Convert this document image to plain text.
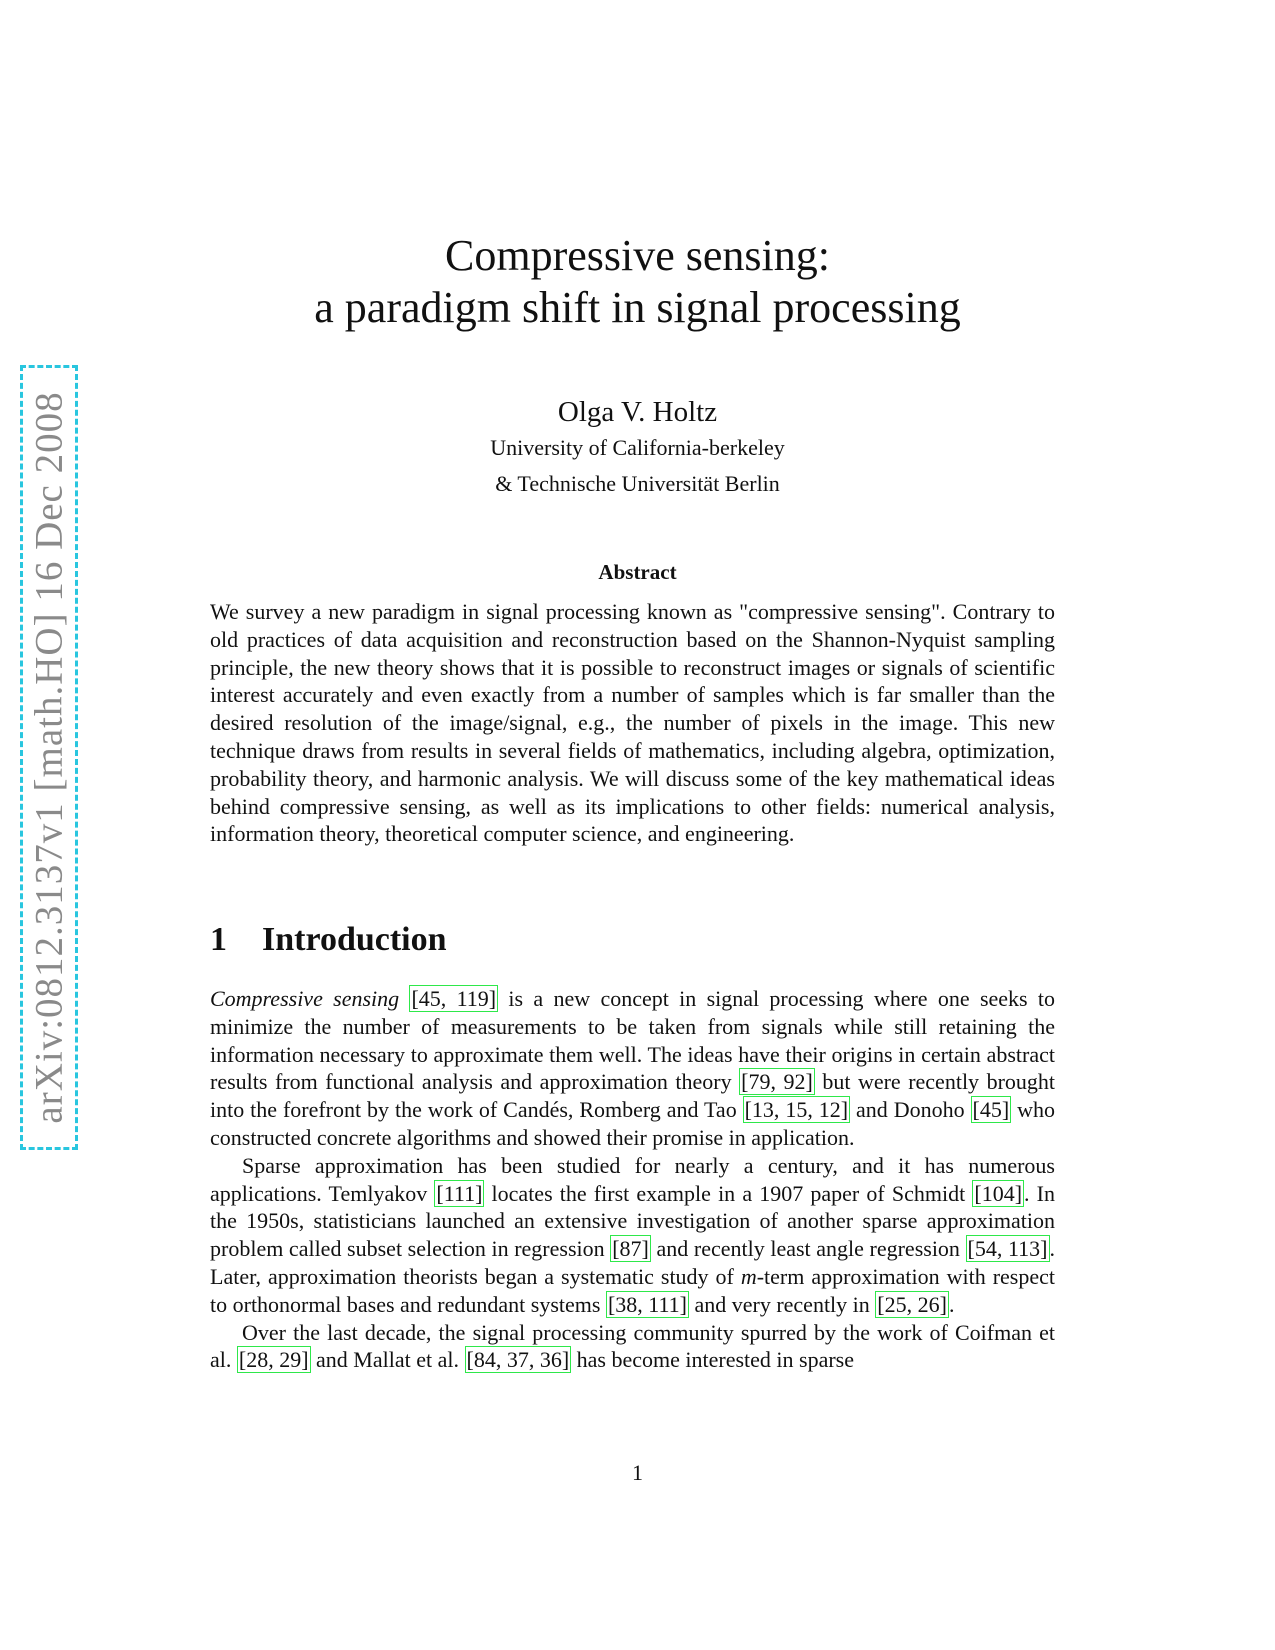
arXiv:0812.3137v1 [math.HO] 16 Dec 2008
Compressive sensing:
a paradigm shift in signal processing
Olga V. Holtz
University of California-berkeley
& Technische Universität Berlin
Abstract
We survey a new paradigm in signal processing known as "compressive sensing". Contrary to old practices of data acquisition and reconstruction based on the Shannon-Nyquist sampling principle, the new theory shows that it is possible to reconstruct images or signals of scientific interest accurately and even exactly from a number of samples which is far smaller than the desired resolution of the image/signal, e.g., the number of pixels in the image. This new technique draws from results in several fields of mathematics, including algebra, optimization, probability theory, and harmonic analysis. We will discuss some of the key mathematical ideas behind compressive sensing, as well as its implications to other fields: numerical analysis, information theory, theoretical computer science, and engineering.
1 Introduction

Compressive sensing [45, 119] is a new concept in signal processing where one seeks to minimize the number of measurements to be taken from signals while still retaining the information necessary to approximate them well. The ideas have their origins in certain abstract results from functional analysis and approximation theory [79, 92] but were recently brought into the forefront by the work of Candés, Romberg and Tao [13, 15, 12] and Donoho [45] who constructed concrete algorithms and showed their promise in application.

Sparse approximation has been studied for nearly a century, and it has numerous applications. Temlyakov [111] locates the first example in a 1907 paper of Schmidt [104]. In the 1950s, statisticians launched an extensive investigation of another sparse approximation problem called subset selection in regression [87] and recently least angle regression [54, 113]. Later, approximation theorists began a systematic study of m-term approximation with respect to orthonormal bases and redundant systems [38, 111] and very recently in [25, 26].

Over the last decade, the signal processing community spurred by the work of Coifman et al. [28, 29] and Mallat et al. [84, 37, 36] has become interested in sparse

1
